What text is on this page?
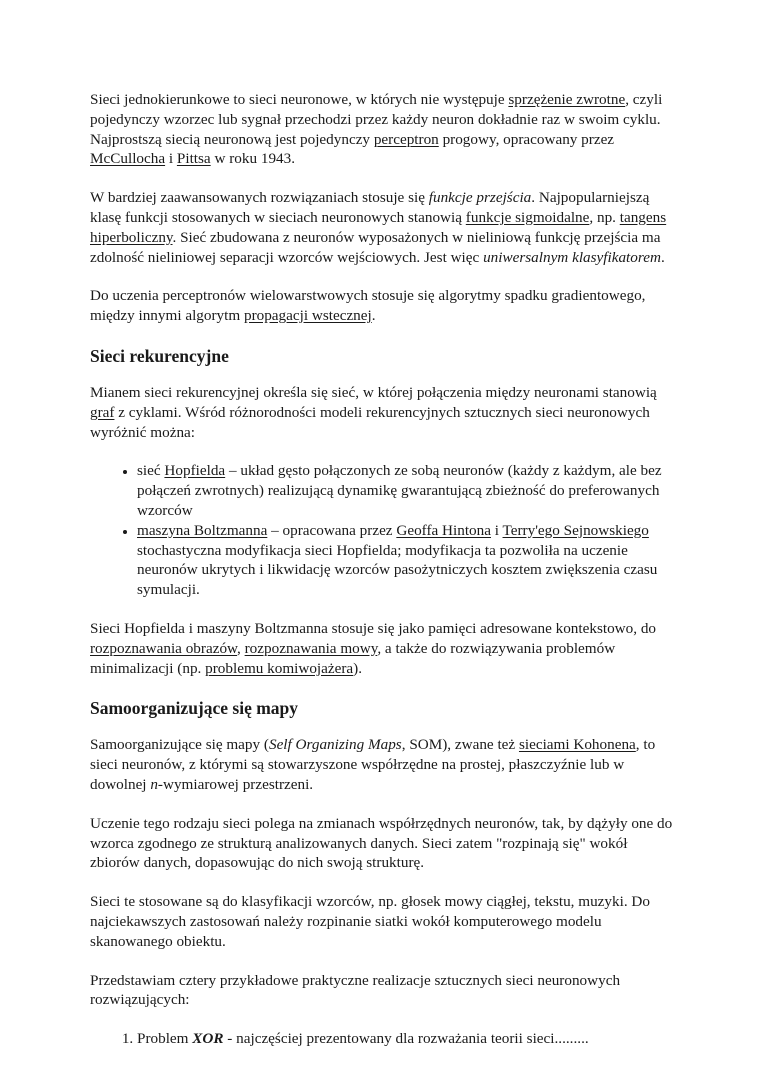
Sieci jednokierunkowe to sieci neuronowe, w których nie występuje sprzężenie zwrotne, czyli pojedynczy wzorzec lub sygnał przechodzi przez każdy neuron dokładnie raz w swoim cyklu. Najprostszą siecią neuronową jest pojedynczy perceptron progowy, opracowany przez McCullocha i Pittsa w roku 1943.

W bardziej zaawansowanych rozwiązaniach stosuje się funkcje przejścia. Najpopularniejszą klasę funkcji stosowanych w sieciach neuronowych stanowią funkcje sigmoidalne, np. tangens hiperboliczny. Sieć zbudowana z neuronów wyposażonych w nieliniową funkcję przejścia ma zdolność nieliniowej separacji wzorców wejściowych. Jest więc uniwersalnym klasyfikatorem.

Do uczenia perceptronów wielowarstwowych stosuje się algorytmy spadku gradientowego, między innymi algorytm propagacji wstecznej.

Sieci rekurencyjne

Mianem sieci rekurencyjnej określa się sieć, w której połączenia między neuronami stanowią graf z cyklami. Wśród różnorodności modeli rekurencyjnych sztucznych sieci neuronowych wyróżnić można:

• sieć Hopfielda – układ gęsto połączonych ze sobą neuronów (każdy z każdym, ale bez połączeń zwrotnych) realizującą dynamikę gwarantującą zbieżność do preferowanych wzorców
• maszyna Boltzmanna – opracowana przez Geoffa Hintona i Terry'ego Sejnowskiego stochastyczna modyfikacja sieci Hopfielda; modyfikacja ta pozwoliła na uczenie neuronów ukrytych i likwidację wzorców pasożytniczych kosztem zwiększenia czasu symulacji.

Sieci Hopfielda i maszyny Boltzmanna stosuje się jako pamięci adresowane kontekstowo, do rozpoznawania obrazów, rozpoznawania mowy, a także do rozwiązywania problemów minimalizacji (np. problemu komiwojażera).

Samoorganizujące się mapy

Samoorganizujące się mapy (Self Organizing Maps, SOM), zwane też sieciami Kohonena, to sieci neuronów, z którymi są stowarzyszone współrzędne na prostej, płaszczyźnie lub w dowolnej n-wymiarowej przestrzeni.

Uczenie tego rodzaju sieci polega na zmianach współrzędnych neuronów, tak, by dążyły one do wzorca zgodnego ze strukturą analizowanych danych. Sieci zatem "rozpinają się" wokół zbiorów danych, dopasowując do nich swoją strukturę.

Sieci te stosowane są do klasyfikacji wzorców, np. głosek mowy ciągłej, tekstu, muzyki. Do najciekawszych zastosowań należy rozpinanie siatki wokół komputerowego modelu skanowanego obiektu.

Przedstawiam cztery przykładowe praktyczne realizacje sztucznych sieci neuronowych rozwiązujących:

1. Problem XOR - najczęściej prezentowany dla rozważania teorii sieci.........
